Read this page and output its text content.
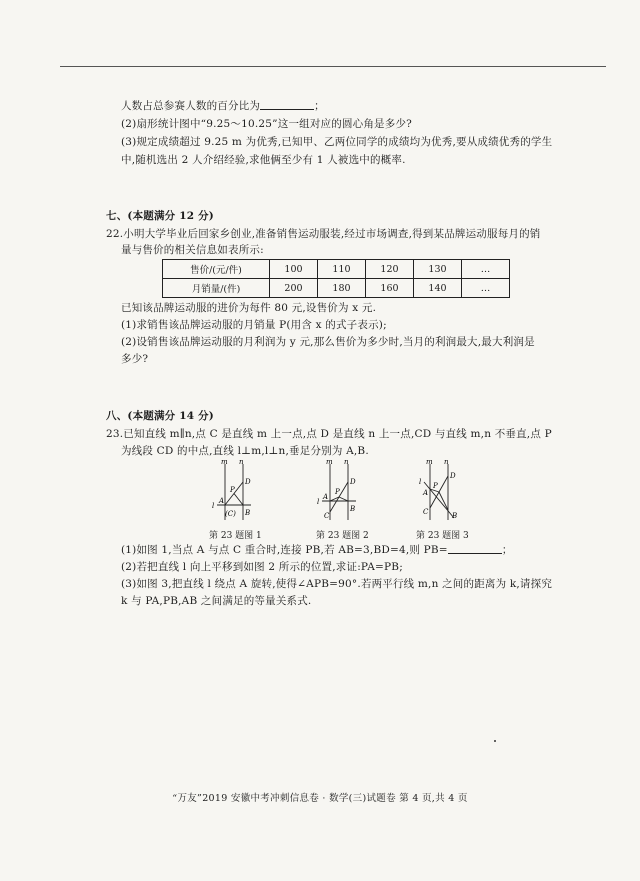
人数占总参赛人数的百分比为	；
(2)扇形统计图中“9.25～10.25”这一组对应的圆心角是多少?
(3)规定成绩超过 9.25 m 为优秀,已知甲、乙两位同学的成绩均为优秀,要从成绩优秀的学生
中,随机选出 2 人介绍经验,求他俩至少有 1 人被选中的概率.
七、(本题满分 12 分)
22.小明大学毕业后回家乡创业,准备销售运动服装,经过市场调查,得到某品牌运动服每月的销
量与售价的相关信息如表所示:
售价/(元/件)	100	110	120	130	…
月销量/(件)	200	180	160	140	…
已知该品牌运动服的进价为每件 80 元,设售价为 x 元.
(1)求销售该品牌运动服的月销量 P(用含 x 的式子表示);
(2)设销售该品牌运动服的月利润为 y 元,那么售价为多少时,当月的利润最大,最大利润是
多少?
八、(本题满分 14 分)
23.已知直线 m∥n,点 C 是直线 m 上一点,点 D 是直线 n 上一点,CD 与直线 m,n 不垂直,点 P
为线段 CD 的中点,直线 l⊥m,l⊥n,垂足分别为 A,B.
m n
l
A
(C) B
P
D
第 23 题图 1
m n
l
A
C
B
P
D
第 23 题图 2
m n
l
A
C	B
P
D
第 23 题图 3
(1)如图 1,当点 A 与点 C 重合时,连接 PB,若 AB=3,BD=4,则 PB=	；
(2)若把直线 l 向上平移到如图 2 所示的位置,求证:PA=PB;
(3)如图 3,把直线 l 绕点 A 旋转,使得∠APB=90°.若两平行线 m,n 之间的距离为 k,请探究
k 与 PA,PB,AB 之间满足的等量关系式.
“万友”2019 安徽中考冲刺信息卷 · 数学(三)试题卷 第 4 页,共 4 页
